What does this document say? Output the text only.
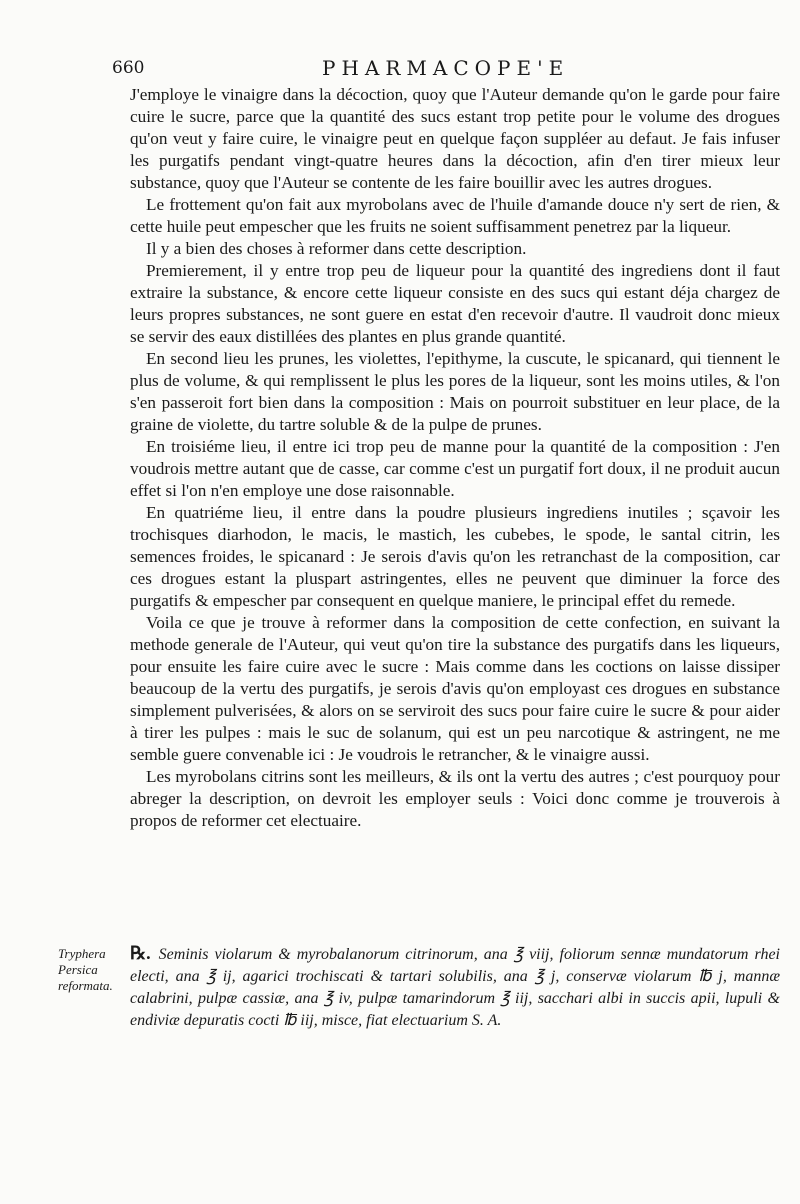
660	PHARMACOPE'E

J'employe le vinaigre dans la décoction, quoy que l'Auteur demande qu'on le garde pour faire cuire le sucre, parce que la quantité des sucs estant trop petite pour le volume des drogues qu'on veut y faire cuire, le vinaigre peut en quelque façon suppléer au defaut. Je fais infuser les purgatifs pendant vingt-quatre heures dans la décoction, afin d'en tirer mieux leur substance, quoy que l'Auteur se contente de les faire bouillir avec les autres drogues.

Le frottement qu'on fait aux myrobolans avec de l'huile d'amande douce n'y sert de rien, & cette huile peut empescher que les fruits ne soient suffisamment penetrez par la liqueur.

Il y a bien des choses à reformer dans cette description.

Premierement, il y entre trop peu de liqueur pour la quantité des ingrediens dont il faut extraire la substance, & encore cette liqueur consiste en des sucs qui estant déja chargez de leurs propres substances, ne sont guere en estat d'en recevoir d'autre. Il vaudroit donc mieux se servir des eaux distillées des plantes en plus grande quantité.

En second lieu les prunes, les violettes, l'epithyme, la cuscute, le spicanard, qui tiennent le plus de volume, & qui remplissent le plus les pores de la liqueur, sont les moins utiles, & l'on s'en passeroit fort bien dans la composition : Mais on pourroit substituer en leur place, de la graine de violette, du tartre soluble & de la pulpe de prunes.

En troisiéme lieu, il entre ici trop peu de manne pour la quantité de la composition : J'en voudrois mettre autant que de casse, car comme c'est un purgatif fort doux, il ne produit aucun effet si l'on n'en employe une dose raisonnable.

En quatriéme lieu, il entre dans la poudre plusieurs ingrediens inutiles ; sçavoir les trochisques diarhodon, le macis, le mastich, les cubebes, le spode, le santal citrin, les semences froides, le spicanard : Je serois d'avis qu'on les retranchast de la composition, car ces drogues estant la pluspart astringentes, elles ne peuvent que diminuer la force des purgatifs & empescher par consequent en quelque maniere, le principal effet du remede.

Voila ce que je trouve à reformer dans la composition de cette confection, en suivant la methode generale de l'Auteur, qui veut qu'on tire la substance des purgatifs dans les liqueurs, pour ensuite les faire cuire avec le sucre : Mais comme dans les coctions on laisse dissiper beaucoup de la vertu des purgatifs, je serois d'avis qu'on employast ces drogues en substance simplement pulverisées, & alors on se serviroit des sucs pour faire cuire le sucre & pour aider à tirer les pulpes : mais le suc de solanum, qui est un peu narcotique & astringent, ne me semble guere convenable ici : Je voudrois le retrancher, & le vinaigre aussi.

Les myrobolans citrins sont les meilleurs, & ils ont la vertu des autres ; c'est pourquoy pour abreger la description, on devroit les employer seuls : Voici donc comme je trouverois à propos de reformer cet electuaire.

Tryphera Persica reformata.
℞. Seminis violarum & myrobalanorum citrinorum, ana ℥ viij, foliorum sennæ mundatorum rhei electi, ana ℥ ij, agarici trochiscati & tartari solubilis, ana ℥ j, conservæ violarum ℔ j, mannæ calabrini, pulpæ cassiæ, ana ℥ iv, pulpæ tamarindorum ℥ iij, sacchari albi in succis apii, lupuli & endiviæ depuratis cocti ℔ iij, misce, fiat electuarium S. A.
